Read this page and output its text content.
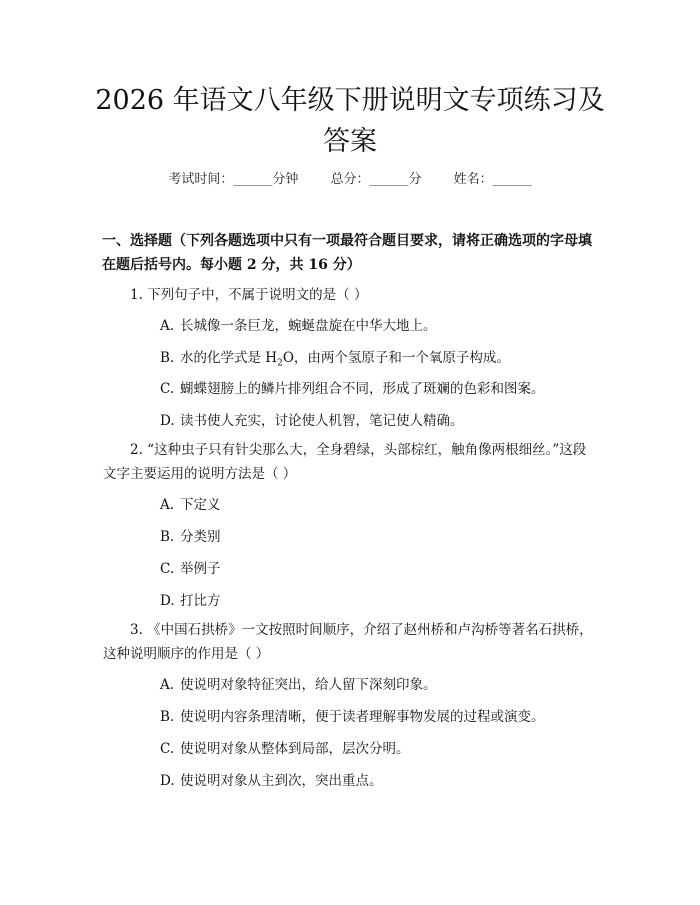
2026 年语文八年级下册说明文专项练习及答案
考试时间：______分钟 总分：______分 姓名：______
一、选择题（下列各题选项中只有一项最符合题目要求，请将正确选项的字母填在题后括号内。每小题 2 分，共 16 分）
1. 下列句子中，不属于说明文的是（ ）
A. 长城像一条巨龙，蜿蜒盘旋在中华大地上。
B. 水的化学式是 $H_2O$，由两个氢原子和一个氧原子构成。
C. 蝴蝶翅膀上的鳞片排列组合不同，形成了斑斓的色彩和图案。
D. 读书使人充实，讨论使人机智，笔记使人精确。
2. “这种虫子只有针尖那么大，全身碧绿，头部棕红，触角像两根细丝。”这段文字主要运用的说明方法是（ ）
A. 下定义
B. 分类别
C. 举例子
D. 打比方
3. 《中国石拱桥》一文按照时间顺序，介绍了赵州桥和卢沟桥等著名石拱桥，这种说明顺序的作用是（ ）
A. 使说明对象特征突出，给人留下深刻印象。
B. 使说明内容条理清晰，便于读者理解事物发展的过程或演变。
C. 使说明对象从整体到局部，层次分明。
D. 使说明对象从主到次，突出重点。
